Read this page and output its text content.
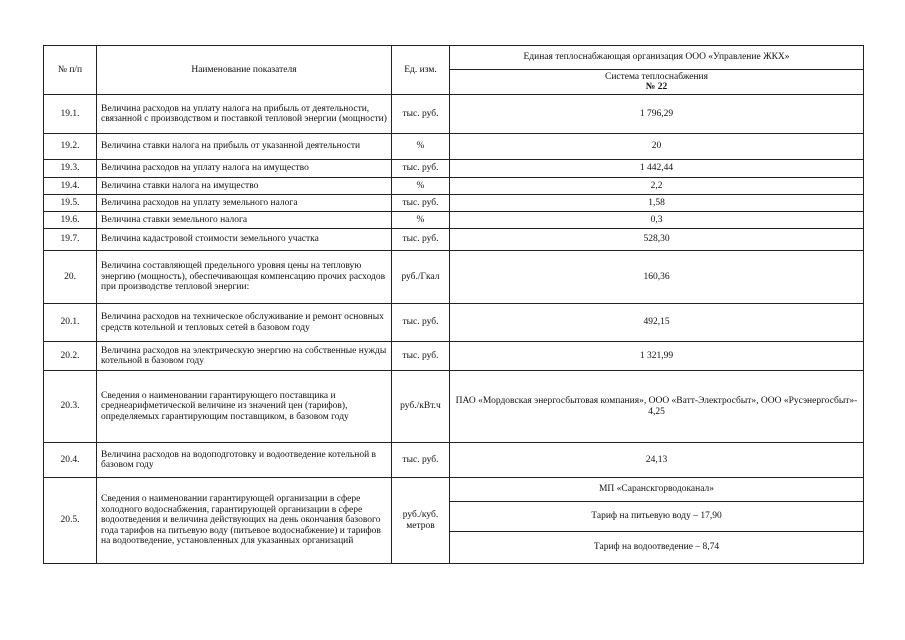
№ п/п	Наименование показателя	Ед. изм.	Единая теплоснабжающая организация ООО «Управление ЖКХ»

			Система теплоснабжения
№ 22

19.1.	Величина расходов на уплату налога на прибыль от деятельности, связанной с производством и поставкой тепловой энергии (мощности)	тыс. руб.	1 796,29
19.2.	Величина ставки налога на прибыль от указанной деятельности	%	20
19.3.	Величина расходов на уплату налога на имущество	тыс. руб.	1 442,44
19.4.	Величина ставки налога на имущество	%	2,2
19.5.	Величина расходов на уплату земельного налога	тыс. руб.	1,58
19.6.	Величина ставки земельного налога	%	0,3
19.7.	Величина кадастровой стоимости земельного участка	тыс. руб.	528,30
20.	Величина составляющей предельного уровня цены на тепловую энергию (мощность), обеспечивающая компенсацию прочих расходов при производстве тепловой энергии:	руб./Гкал	160,36
20.1.	Величина расходов на техническое обслуживание и ремонт основных средств котельной и тепловых сетей в базовом году	тыс. руб.	492,15
20.2.	Величина расходов на электрическую энергию на собственные нужды котельной в базовом году	тыс. руб.	1 321,99
20.3.	Сведения о наименовании гарантирующего поставщика и среднеарифметической величине из значений цен (тарифов), определяемых гарантирующим поставщиком, в базовом году	руб./кВт.ч	ПАО «Мордовская энергосбытовая компания», ООО «Ватт-Электросбыт», ООО «Русэнергосбыт»- 4,25
20.4.	Величина расходов на водоподготовку и водоотведение котельной в базовом году	тыс. руб.	24,13
20.5.	Сведения о наименовании гарантирующей организации в сфере холодного водоснабжения, гарантирующей организации в сфере водоотведения и величина действующих на день окончания базового года тарифов на питьевую воду (питьевое водоснабжение) и тарифов на водоотведение, установленных для указанных организаций	руб./куб. метров	МП «Саранскгорводоканал»
			Тариф на питьевую воду – 17,90
			Тариф на водоотведение – 8,74
